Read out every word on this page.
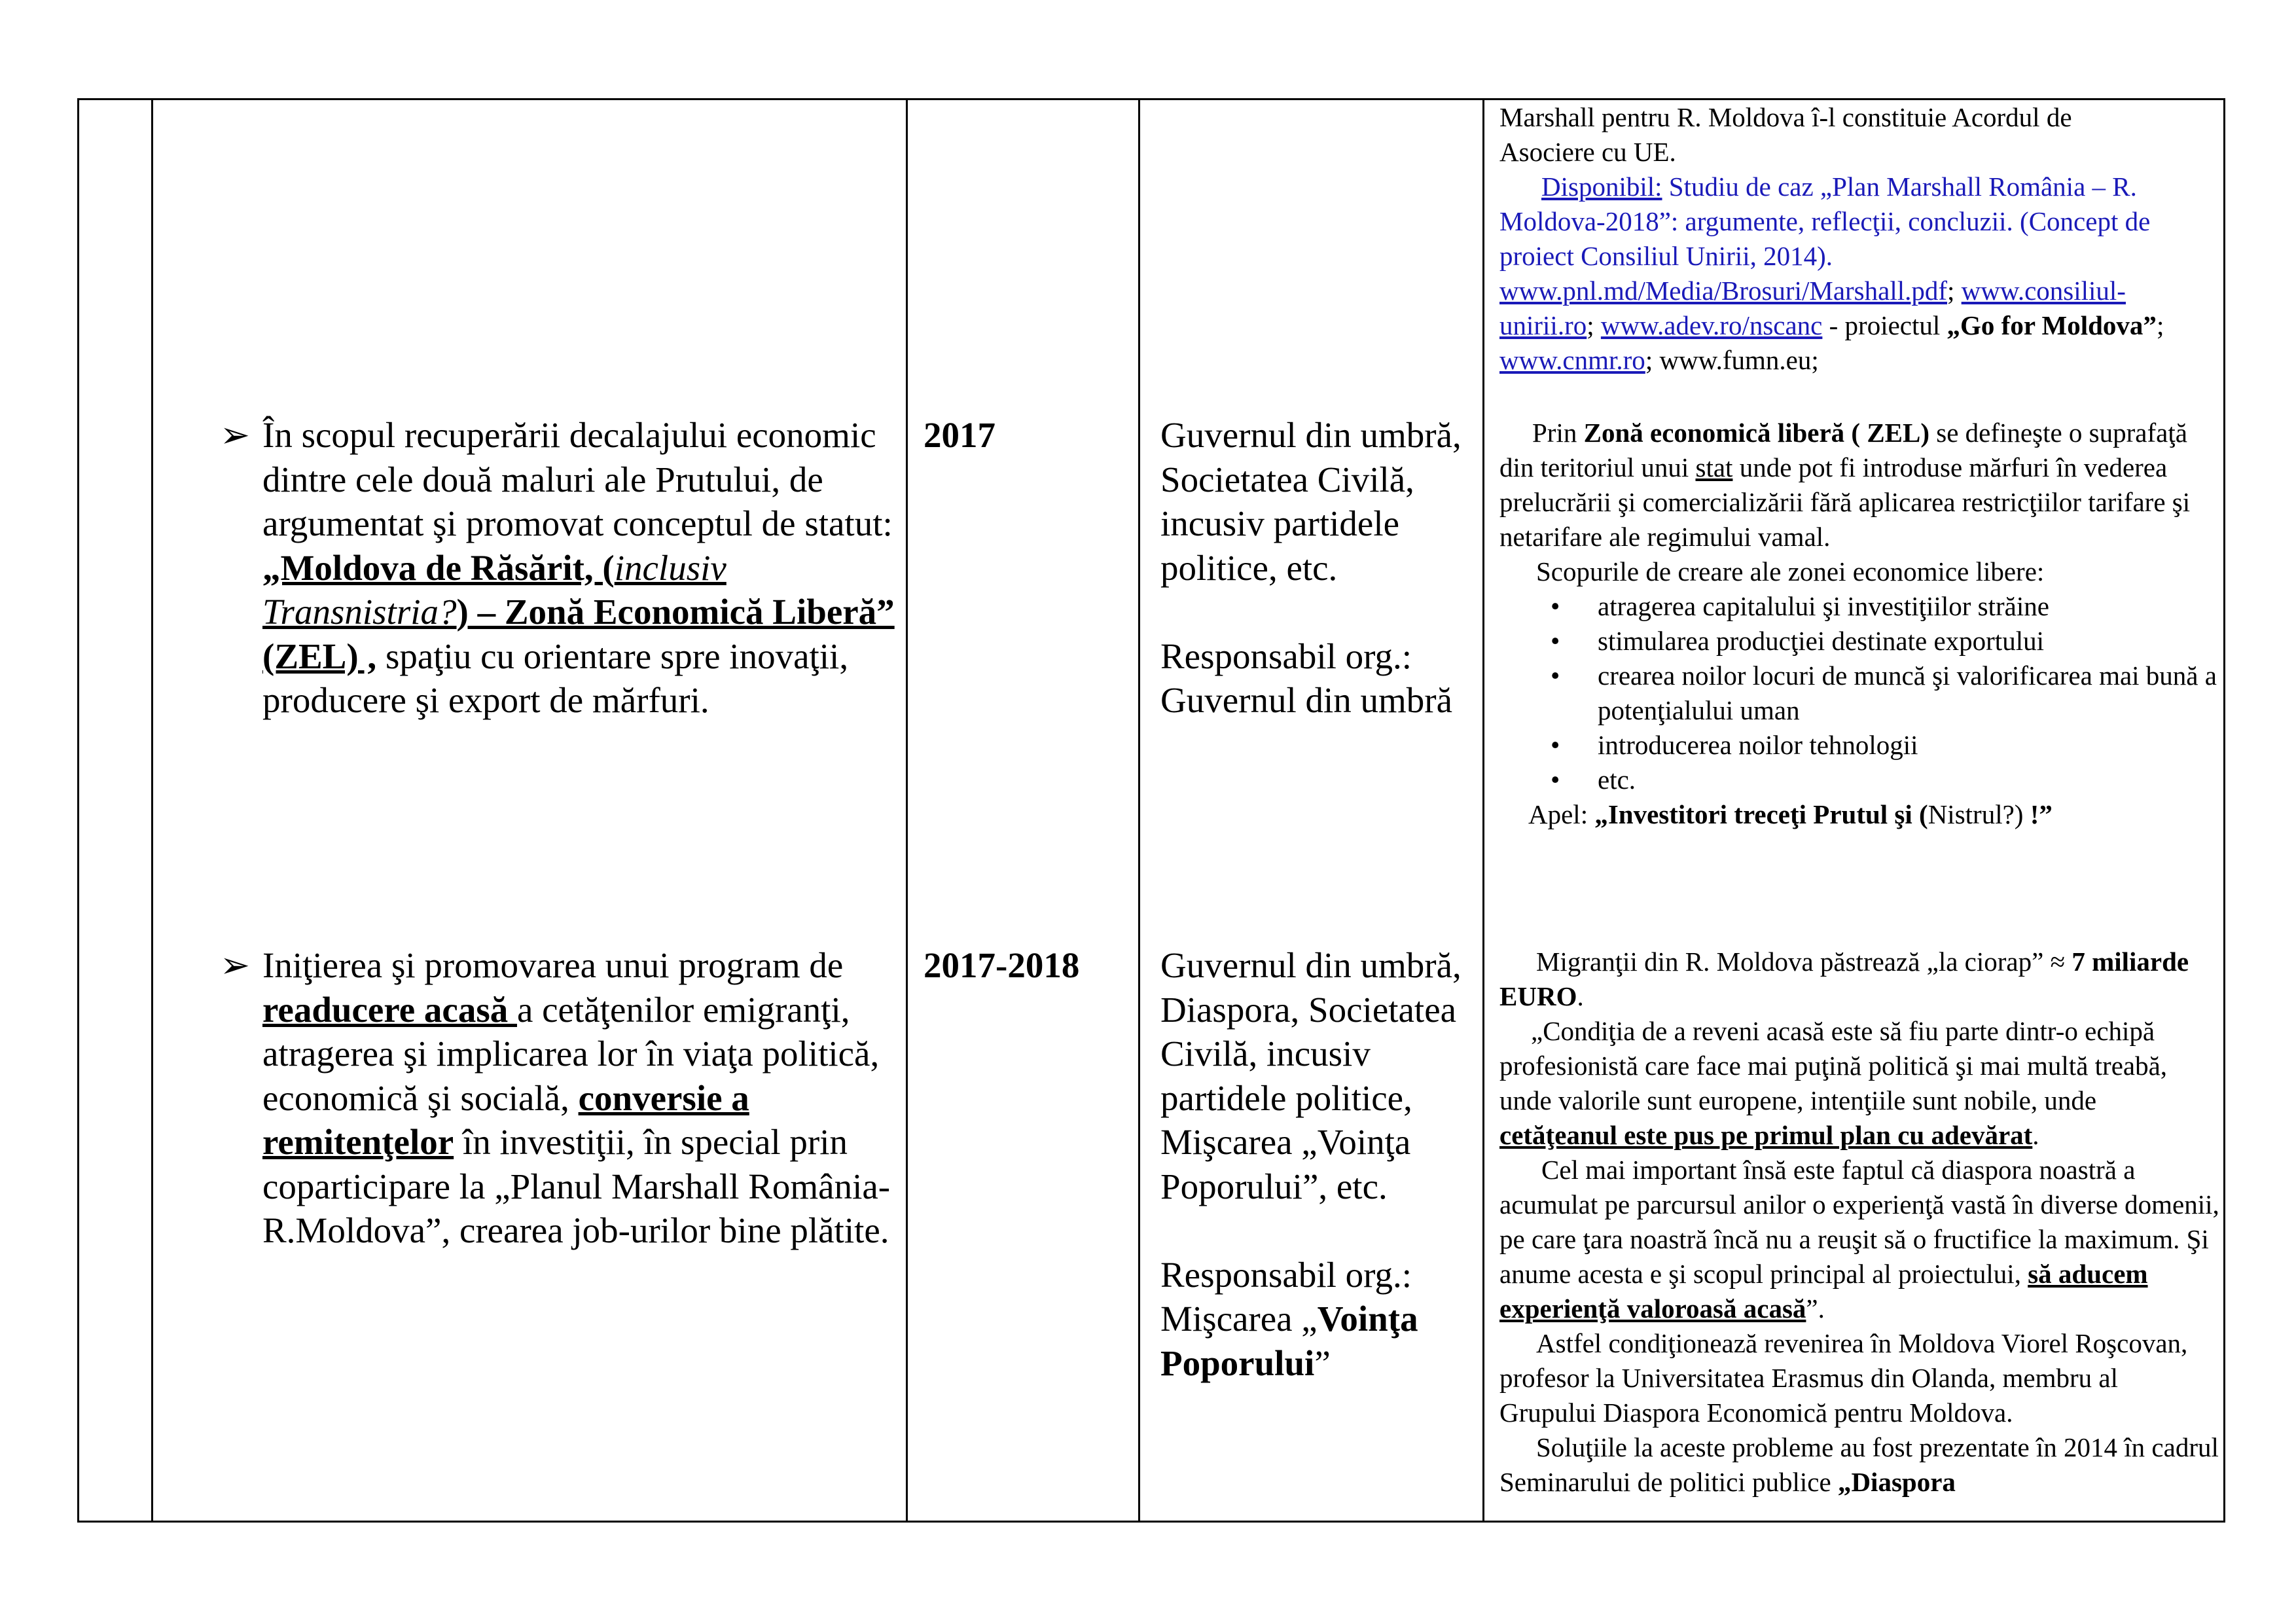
Marshall pentru R. Moldova î-l constituie Acordul de
Asociere cu UE.
Disponibil: Studiu de caz „Plan Marshall România – R. Moldova-2018”: argumente, reflecţii, concluzii. (Concept de proiect Consiliul Unirii, 2014). www.pnl.md/Media/Brosuri/Marshall.pdf; www.consiliul-unirii.ro; www.adev.ro/nscanc - proiectul „Go for Moldova”; www.cnmr.ro; www.fumn.eu;
➢ În scopul recuperării decalajului economic dintre cele două maluri ale Prutului, de argumentat şi promovat conceptul de statut: „Moldova de Răsărit, (inclusiv Transnistria?) – Zonă Economică Liberă” (ZEL) , spaţiu cu orientare spre inovaţii, producere şi export de mărfuri.

2017	Guvernul din umbră,
Societatea Civilă, incusiv partidele politice, etc.
Responsabil org.:
Guvernul din umbră
Prin Zonă economică liberă ( ZEL) se defineşte o suprafaţă din teritoriul unui stat unde pot fi introduse mărfuri în vederea prelucrării şi comercializării fără aplicarea restricţiilor tarifare şi netarifare ale regimului vamal.
Scopurile de creare ale zonei economice libere:
• atragerea capitalului şi investiţiilor străine
• stimularea producţiei destinate exportului
• crearea noilor locuri de muncă şi valorificarea mai bună a potenţialului uman
• introducerea noilor tehnologii
• etc.
Apel: „Investitori treceţi Prutul şi (Nistrul?) !”
➢ Iniţierea şi promovarea unui program de readucere acasă a cetăţenilor emigranţi, atragerea şi implicarea lor în viaţa politică, economică şi socială, conversie a remitenţelor în investiţii, în special prin coparticipare la „Planul Marshall România- R.Moldova”, crearea job-urilor bine plătite.

2017-2018	Guvernul din umbră, Diaspora, Societatea Civilă, incusiv partidele politice, Mişcarea „Voinţa Poporului”, etc.
Responsabil org.:
Mişcarea „Voinţa Poporului”
Migranţii din R. Moldova păstrează „la ciorap” ≈ 7 miliarde EURO.
„Condiţia de a reveni acasă este să fiu parte dintr-o echipă profesionistă care face mai puţină politică şi mai multă treabă, unde valorile sunt europene, intenţiile sunt nobile, unde cetăţeanul este pus pe primul plan cu adevărat.
Cel mai important însă este faptul că diaspora noastră a acumulat pe parcursul anilor o experienţă vastă în diverse domenii, pe care ţara noastră încă nu a reuşit să o fructifice la maximum. Şi anume acesta e şi scopul principal al proiectului, să aducem experienţă valoroasă acasă”.
Astfel condiţionează revenirea în Moldova Viorel Roşcovan, profesor la Universitatea Erasmus din Olanda, membru al Grupului Diaspora Economică pentru Moldova.
Soluţiile la aceste probleme au fost prezentate în 2014 în cadrul Seminarului de politici publice „Diaspora
